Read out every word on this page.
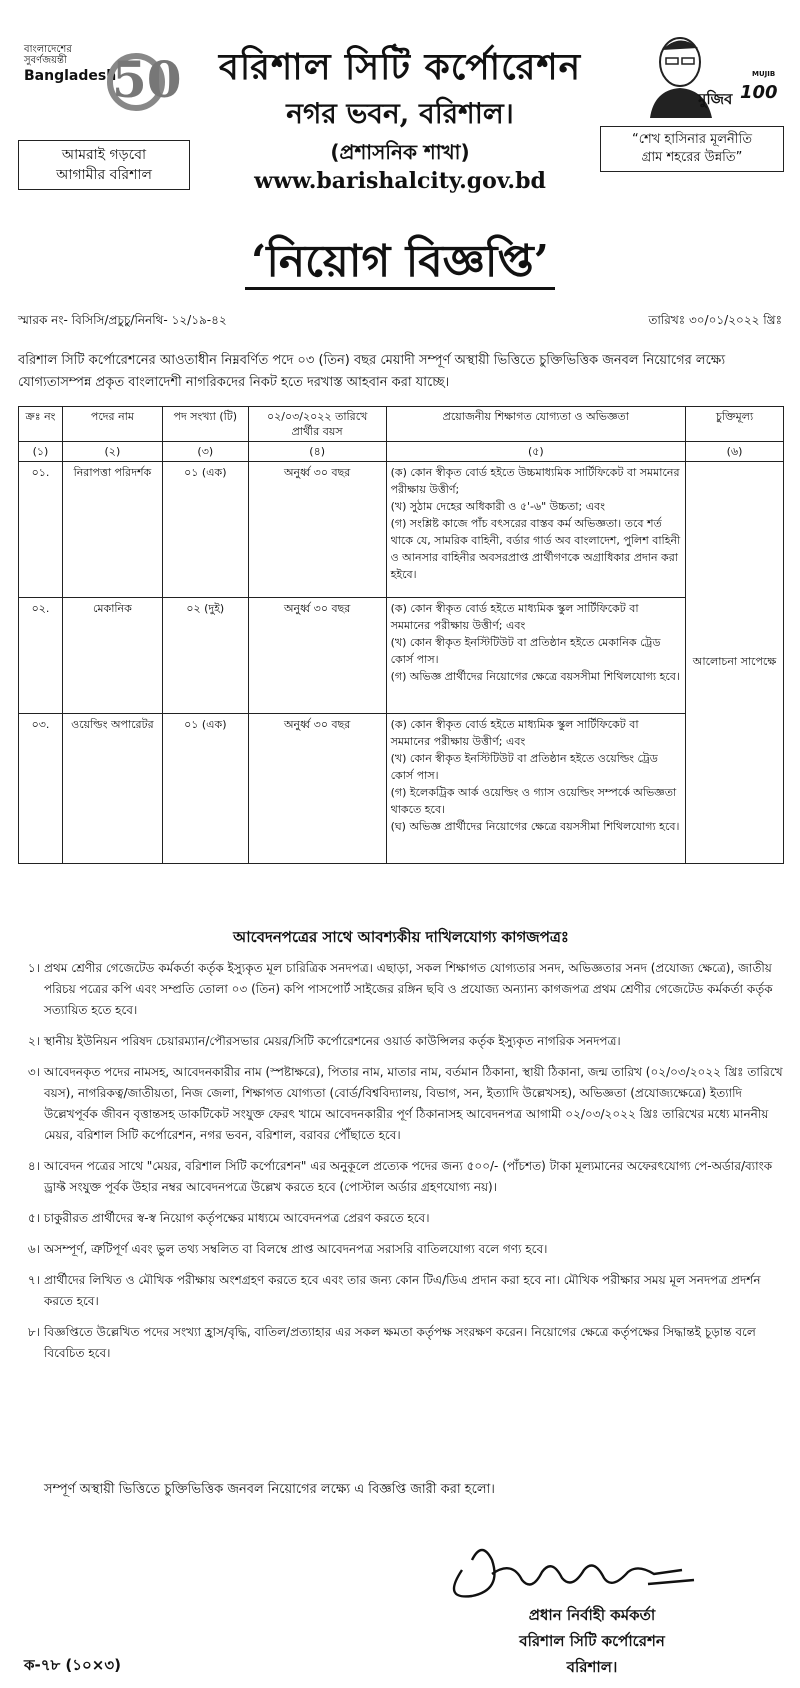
বাংলাদেশের
সুবর্ণজয়ন্তী
Bangladesh
50
আমরাই গড়বো
আগামীর বরিশাল
বরিশাল সিটি কর্পোরেশন
নগর ভবন, বরিশাল।
(প্রশাসনিক শাখা)
www.barishalcity.gov.bd
মুজিব
MUJIB
100
“শেখ হাসিনার মূলনীতি
গ্রাম শহরের উন্নতি”
‘নিয়োগ বিজ্ঞপ্তি’
স্মারক নং- বিসিসি/প্রচুচু/নিনথি- ১২/১৯-৪২	তারিখঃ ৩০/০১/২০২২ খ্রিঃ
বরিশাল সিটি কর্পোরেশনের আওতাধীন নিম্নবর্ণিত পদে ০৩ (তিন) বছর মেয়াদী সম্পূর্ণ অস্থায়ী ভিত্তিতে চুক্তিভিত্তিক জনবল নিয়োগের লক্ষ্যে যোগ্যতাসম্পন্ন প্রকৃত বাংলাদেশী নাগরিকদের নিকট হতে দরখাস্ত আহবান করা যাচ্ছে।
ক্রঃ নং	পদের নাম	পদ সংখ্যা (টি)	০২/০৩/২০২২ তারিখে প্রার্থীর বয়স	প্রয়োজনীয় শিক্ষাগত যোগ্যতা ও অভিজ্ঞতা	চুক্তিমূল্য
(১)	(২)	(৩)	(৪)	(৫)	(৬)
০১.	নিরাপত্তা পরিদর্শক	০১ (এক)	অনুর্ধ্ব ৩০ বছর	(ক) কোন স্বীকৃত বোর্ড হইতে উচ্চমাধ্যমিক সার্টিফিকেট বা সমমানের পরীক্ষায় উত্তীর্ণ;
(খ) সুঠাম দেহের অধিকারী ও ৫'-৬" উচ্চতা; এবং
(গ) সংশ্লিষ্ট কাজে পাঁচ বৎসরের বাস্তব কর্ম অভিজ্ঞতা। তবে শর্ত থাকে যে, সামরিক বাহিনী, বর্ডার গার্ড অব বাংলাদেশ, পুলিশ বাহিনী ও আনসার বাহিনীর অবসরপ্রাপ্ত প্রার্থীগণকে অগ্রাধিকার প্রদান করা হইবে।	আলোচনা সাপেক্ষে
০২.	মেকানিক	০২ (দুই)	অনুর্ধ্ব ৩০ বছর	(ক) কোন স্বীকৃত বোর্ড হইতে মাধ্যমিক স্কুল সার্টিফিকেট বা সমমানের পরীক্ষায় উত্তীর্ণ; এবং
(খ) কোন স্বীকৃত ইনস্টিটিউট বা প্রতিষ্ঠান হইতে মেকানিক ট্রেড কোর্স পাস।
(গ) অভিজ্ঞ প্রার্থীদের নিয়োগের ক্ষেত্রে বয়সসীমা শিথিলযোগ্য হবে।	

০৩.	ওয়েল্ডিং অপারেটর	০১ (এক)	অনুর্ধ্ব ৩০ বছর	(ক) কোন স্বীকৃত বোর্ড হইতে মাধ্যমিক স্কুল সার্টিফিকেট বা সমমানের পরীক্ষায় উত্তীর্ণ; এবং
(খ) কোন স্বীকৃত ইনস্টিটিউট বা প্রতিষ্ঠান হইতে ওয়েল্ডিং ট্রেড কোর্স পাস।
(গ) ইলেকট্রিক আর্ক ওয়েল্ডিং ও গ্যাস ওয়েল্ডিং সম্পর্কে অভিজ্ঞতা থাকতে হবে।
(ঘ) অভিজ্ঞ প্রার্থীদের নিয়োগের ক্ষেত্রে বয়সসীমা শিথিলযোগ্য হবে।	
আবেদনপত্রের সাথে আবশ্যকীয় দাখিলযোগ্য কাগজপত্রঃ
১। প্রথম শ্রেণীর গেজেটেড কর্মকর্তা কর্তৃক ইস্যুকৃত মূল চারিত্রিক সনদপত্র। এছাড়া, সকল শিক্ষাগত যোগ্যতার সনদ, অভিজ্ঞতার সনদ (প্রযোজ্য ক্ষেত্রে), জাতীয় পরিচয় পত্রের কপি এবং সম্প্রতি তোলা ০৩ (তিন) কপি পাসপোর্ট সাইজের রঙ্গিন ছবি ও প্রযোজ্য অন্যান্য কাগজপত্র প্রথম শ্রেণীর গেজেটেড কর্মকর্তা কর্তৃক সত্যায়িত হতে হবে।
২। স্থানীয় ইউনিয়ন পরিষদ চেয়ারম্যান/পৌরসভার মেয়র/সিটি কর্পোরেশনের ওয়ার্ড কাউন্সিলর কর্তৃক ইস্যুকৃত নাগরিক সনদপত্র।
৩। আবেদনকৃত পদের নামসহ, আবেদনকারীর নাম (স্পষ্টাক্ষরে), পিতার নাম, মাতার নাম, বর্তমান ঠিকানা, স্থায়ী ঠিকানা, জন্ম তারিখ (০২/০৩/২০২২ খ্রিঃ তারিখে বয়স), নাগরিকত্ব/জাতীয়তা, নিজ জেলা, শিক্ষাগত যোগ্যতা (বোর্ড/বিশ্ববিদ্যালয়, বিভাগ, সন, ইত্যাদি উল্লেখসহ), অভিজ্ঞতা (প্রযোজ্যক্ষেত্রে) ইত্যাদি উল্লেখপূর্বক জীবন বৃত্তান্তসহ ডাকটিকেট সংযুক্ত ফেরৎ খামে আবেদনকারীর পূর্ণ ঠিকানাসহ আবেদনপত্র আগামী ০২/০৩/২০২২ খ্রিঃ তারিখের মধ্যে মাননীয় মেয়র, বরিশাল সিটি কর্পোরেশন, নগর ভবন, বরিশাল, বরাবর পৌঁছাতে হবে।
৪। আবেদন পত্রের সাথে "মেয়র, বরিশাল সিটি কর্পোরেশন" এর অনুকূলে প্রত্যেক পদের জন্য ৫০০/- (পাঁচশত) টাকা মূল্যমানের অফেরৎযোগ্য পে-অর্ডার/ব্যাংক ড্রাফ্ট সংযুক্ত পূর্বক উহার নম্বর আবেদনপত্রে উল্লেখ করতে হবে (পোস্টাল অর্ডার গ্রহণযোগ্য নয়)।
৫। চাকুরীরত প্রার্থীদের স্ব-স্ব নিয়োগ কর্তৃপক্ষের মাধ্যমে আবেদনপত্র প্রেরণ করতে হবে।
৬। অসম্পূর্ণ, ত্রুটিপূর্ণ এবং ভুল তথ্য সম্বলিত বা বিলম্বে প্রাপ্ত আবেদনপত্র সরাসরি বাতিলযোগ্য বলে গণ্য হবে।
৭। প্রার্থীদের লিখিত ও মৌখিক পরীক্ষায় অংশগ্রহণ করতে হবে এবং তার জন্য কোন টিএ/ডিএ প্রদান করা হবে না। মৌখিক পরীক্ষার সময় মূল সনদপত্র প্রদর্শন করতে হবে।
৮। বিজ্ঞপ্তিতে উল্লেখিত পদের সংখ্যা হ্রাস/বৃদ্ধি, বাতিল/প্রত্যাহার এর সকল ক্ষমতা কর্তৃপক্ষ সংরক্ষণ করেন। নিয়োগের ক্ষেত্রে কর্তৃপক্ষের সিদ্ধান্তই চূড়ান্ত বলে বিবেচিত হবে।
সম্পূর্ণ অস্থায়ী ভিত্তিতে চুক্তিভিত্তিক জনবল নিয়োগের লক্ষ্যে এ বিজ্ঞপ্তি জারী করা হলো।
প্রধান নির্বাহী কর্মকর্তা
বরিশাল সিটি কর্পোরেশন
বরিশাল।
ক-৭৮ (১০×৩)
